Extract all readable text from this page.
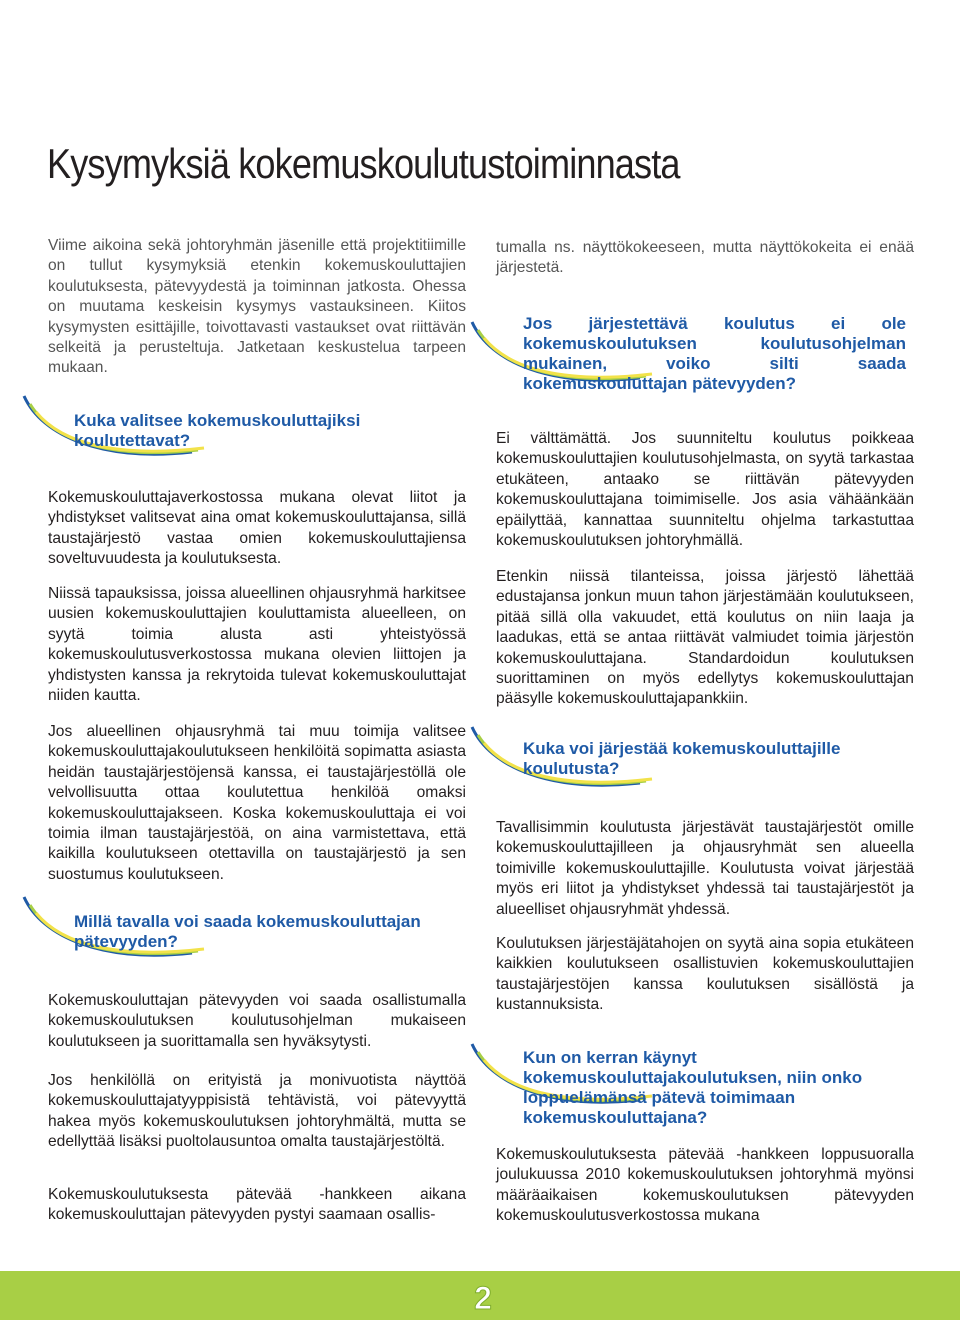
Kysymyksiä kokemuskoulutustoiminnasta

Viime aikoina sekä johtoryhmän jäsenille että projektitiimille on tullut kysymyksiä etenkin kokemuskouluttajien koulutuksesta, pätevyydestä ja toiminnan jatkosta. Ohessa on muutama keskeisin kysymys vastauksineen. Kiitos kysymysten esittäjille, toivottavasti vastaukset ovat riittävän selkeitä ja perusteltuja. Jatketaan keskustelua tarpeen mukaan.

Kuka valitsee kokemuskouluttajiksi koulutettavat?

Kokemuskouluttajaverkostossa mukana olevat liitot ja yhdistykset valitsevat aina omat kokemuskouluttajansa, sillä taustajärjestö vastaa omien kokemuskouluttajiensa soveltuvuudesta ja koulutuksesta.

Niissä tapauksissa, joissa alueellinen ohjausryhmä harkitsee uusien kokemuskouluttajien kouluttamista alueelleen, on syytä toimia alusta asti yhteistyössä kokemuskoulutusverkostossa mukana olevien liittojen ja yhdistysten kanssa ja rekrytoida tulevat kokemuskouluttajat niiden kautta.

Jos alueellinen ohjausryhmä tai muu toimija valitsee kokemuskouluttajakoulutukseen henkilöitä sopimatta asiasta heidän taustajärjestöjensä kanssa, ei taustajärjestöllä ole velvollisuutta ottaa koulutettua henkilöä omaksi kokemuskouluttajakseen. Koska kokemuskouluttaja ei voi toimia ilman taustajärjestöä, on aina varmistettava, että kaikilla koulutukseen otettavilla on taustajärjestö ja sen suostumus koulutukseen.

Millä tavalla voi saada kokemuskouluttajan pätevyyden?

Kokemuskouluttajan pätevyyden voi saada osallistumalla kokemuskoulutuksen koulutusohjelman mukaiseen koulutukseen ja suorittamalla sen hyväksytysti.

Jos henkilöllä on erityistä ja monivuotista näyttöä kokemuskouluttajatyyppisistä tehtävistä, voi pätevyyttä hakea myös kokemuskoulutuksen johtoryhmältä, mutta se edellyttää lisäksi puoltolausuntoa omalta taustajärjestöltä.

Kokemuskoulutuksesta pätevää -hankkeen aikana kokemuskouluttajan pätevyyden pystyi saamaan osallis-

tumalla ns. näyttökokeeseen, mutta näyttökokeita ei enää järjestetä.

Jos järjestettävä koulutus ei ole kokemuskoulutuksen koulutusohjelman mukainen, voiko silti saada kokemuskouluttajan pätevyyden?

Ei välttämättä. Jos suunniteltu koulutus poikkeaa kokemuskouluttajien koulutusohjelmasta, on syytä tarkastaa etukäteen, antaako se riittävän pätevyyden kokemuskouluttajana toimimiselle. Jos asia vähäänkään epäilyttää, kannattaa suunniteltu ohjelma tarkastuttaa kokemuskoulutuksen johtoryhmällä.

Etenkin niissä tilanteissa, joissa järjestö lähettää edustajansa jonkun muun tahon järjestämään koulutukseen, pitää sillä olla vakuudet, että koulutus on niin laaja ja laadukas, että se antaa riittävät valmiudet toimia järjestön kokemuskouluttajana. Standardoidun koulutuksen suorittaminen on myös edellytys kokemuskouluttajan pääsylle kokemuskouluttajapankkiin.

Kuka voi järjestää kokemuskouluttajille koulutusta?

Tavallisimmin koulutusta järjestävät taustajärjestöt omille kokemuskouluttajilleen ja ohjausryhmät sen alueella toimiville kokemuskouluttajille. Koulutusta voivat järjestää myös eri liitot ja yhdistykset yhdessä tai taustajärjestöt ja alueelliset ohjausryhmät yhdessä.

Koulutuksen järjestäjätahojen on syytä aina sopia etukäteen kaikkien koulutukseen osallistuvien kokemuskouluttajien taustajärjestöjen kanssa koulutuksen sisällöstä ja kustannuksista.

Kun on kerran käynyt kokemuskouluttajakoulutuksen, niin onko loppuelämänsä pätevä toimimaan kokemuskouluttajana?

Kokemuskoulutuksesta pätevää -hankkeen loppusuoralla joulukuussa 2010 kokemuskoulutuksen johtoryhmä myönsi määräaikaisen kokemuskoulutuksen pätevyyden kokemuskoulutusverkostossa mukana

2
